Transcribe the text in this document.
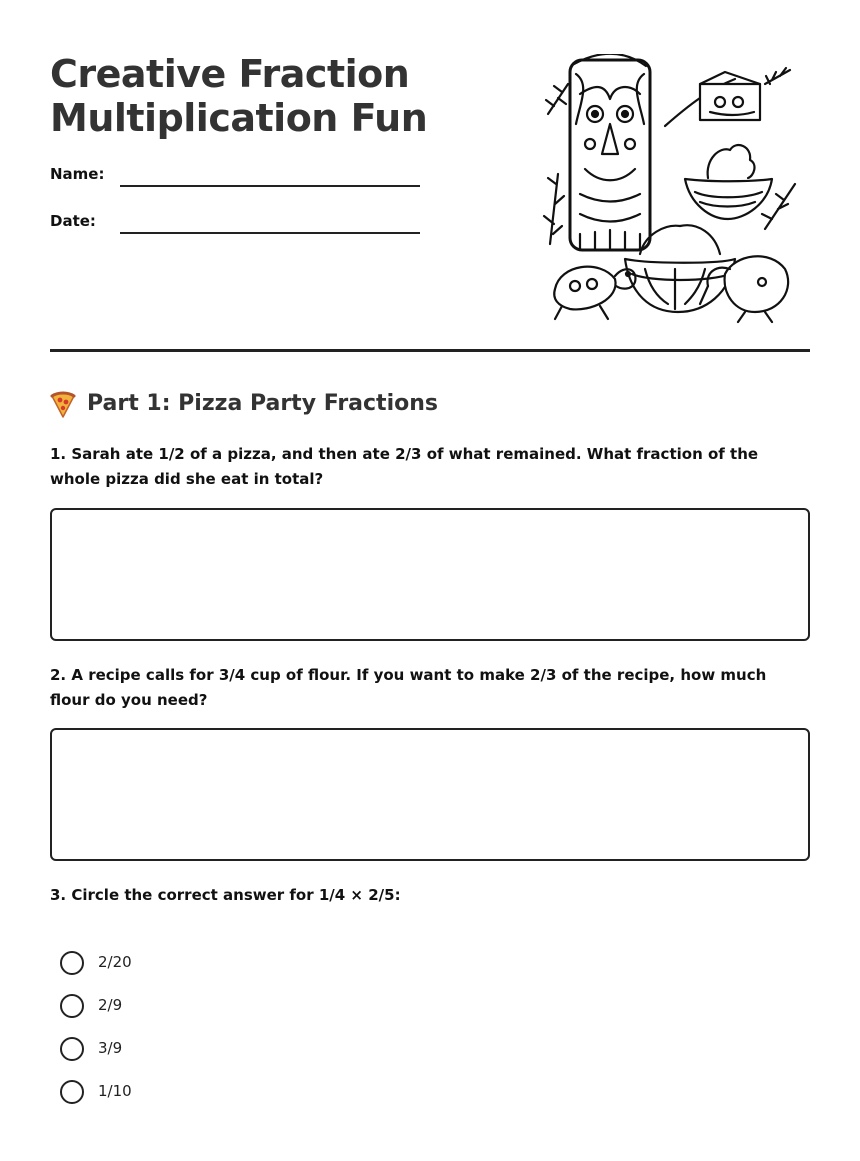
Creative Fraction
Multiplication Fun
Name:
Date:
Part 1: Pizza Party Fractions

1. Sarah ate 1/2 of a pizza, and then ate 2/3 of what remained. What fraction of the whole pizza did she eat in total?

2. A recipe calls for 3/4 cup of flour. If you want to make 2/3 of the recipe, how much flour do you need?

3. Circle the correct answer for 1/4 × 2/5:

2/20
2/9
3/9
1/10
